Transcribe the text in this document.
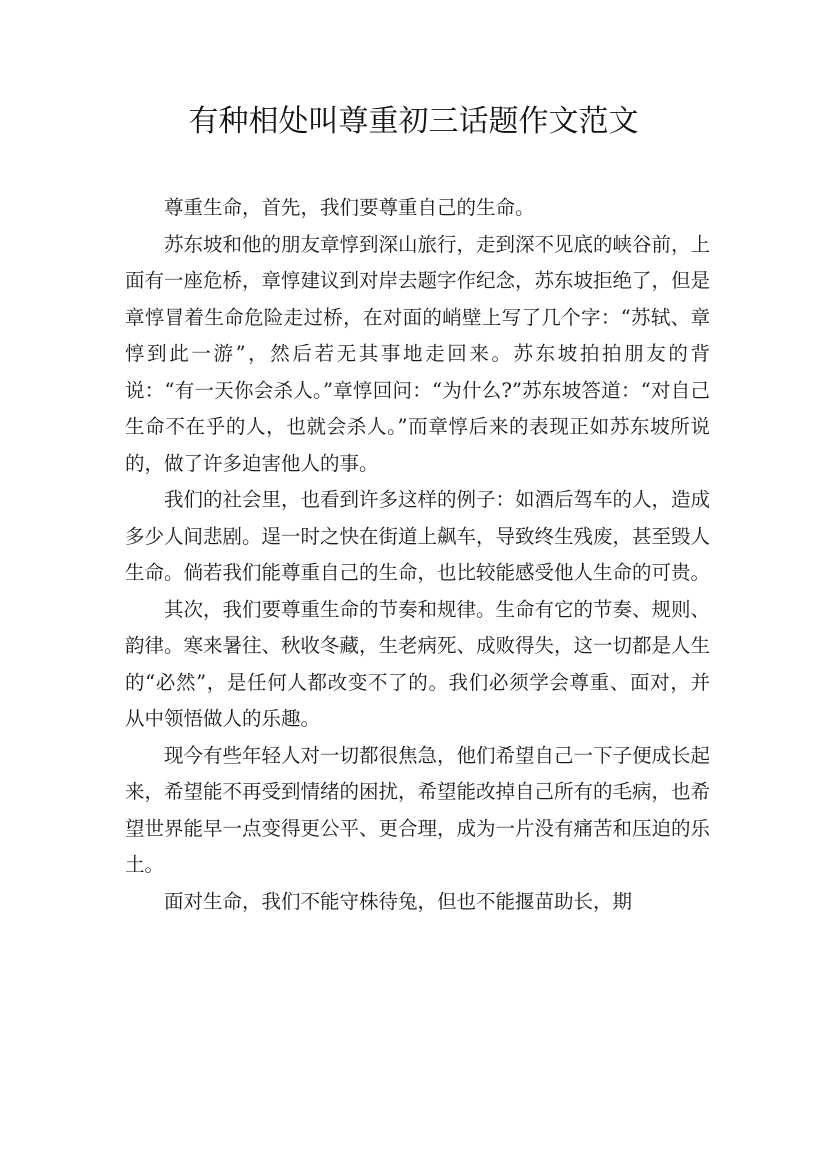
有种相处叫尊重初三话题作文范文

尊重生命，首先，我们要尊重自己的生命。

苏东坡和他的朋友章惇到深山旅行，走到深不见底的峡谷前，上面有一座危桥，章惇建议到对岸去题字作纪念，苏东坡拒绝了，但是章惇冒着生命危险走过桥，在对面的峭壁上写了几个字：“苏轼、章惇到此一游”，然后若无其事地走回来。苏东坡拍拍朋友的背说：“有一天你会杀人。”章惇回问：“为什么?”苏东坡答道：“对自己生命不在乎的人，也就会杀人。”而章惇后来的表现正如苏东坡所说的，做了许多迫害他人的事。

我们的社会里，也看到许多这样的例子：如酒后驾车的人，造成多少人间悲剧。逞一时之快在街道上飙车，导致终生残废，甚至毁人生命。倘若我们能尊重自己的生命，也比较能感受他人生命的可贵。

其次，我们要尊重生命的节奏和规律。生命有它的节奏、规则、韵律。寒来暑往、秋收冬藏，生老病死、成败得失，这一切都是人生的“必然”，是任何人都改变不了的。我们必须学会尊重、面对，并从中领悟做人的乐趣。

现今有些年轻人对一切都很焦急，他们希望自己一下子便成长起来，希望能不再受到情绪的困扰，希望能改掉自己所有的毛病，也希望世界能早一点变得更公平、更合理，成为一片没有痛苦和压迫的乐土。

面对生命，我们不能守株待兔，但也不能揠苗助长，期
